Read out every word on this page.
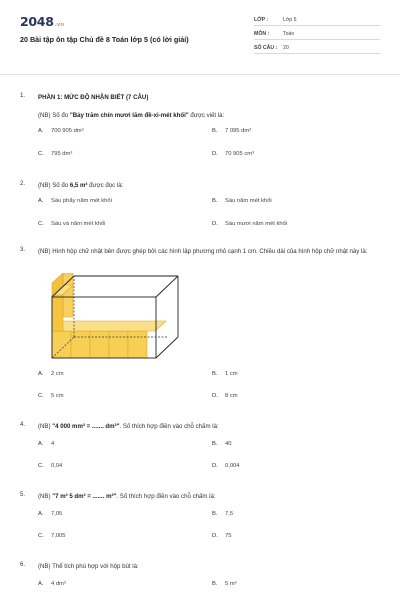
2048.vn
20 Bài tập ôn tập Chủ đề 8 Toán lớp 5 (có lời giải)
LỚP :	Lớp 5
MÔN :	Toán
SỐ CÂU : 20
1. PHẦN 1: MỨC ĐỘ NHẬN BIẾT (7 CÂU)
(NB) Số đo "Bảy trăm chín mươi lăm đề-xi-mét khối" được viết là:
A. 700 905 dm³	B. 7 095 dm³
C. 795 dm³	D. 70 905 cm³
2. (NB) Số đo 6,5 m³ được đọc là:
A. Sáu phẩy năm mét khối	B. Sáu năm mét khối
C. Sáu và năm mét khối	D. Sáu mươi năm mét khối
3. (NB) Hình hộp chữ nhật bên được ghép bởi các hình lập phương nhỏ cạnh 1 cm. Chiều dài của hình hộp chữ nhật này là:
A. 2 cm	B. 1 cm
C. 5 cm	D. 8 cm
4. (NB) "4 000 mm³ = ....... dm³". Số thích hợp điền vào chỗ chấm là:
A. 4	B. 40
C. 0,04	D. 0,004
5. (NB) "7 m³ 5 dm³ = ....... m³". Số thích hợp điền vào chỗ chấm là:
A. 7,05	B. 7,5
C. 7,005	D. 75
6. (NB) Thể tích phù hợp với hộp bút là:
A. 4 dm³	B. 5 m³
